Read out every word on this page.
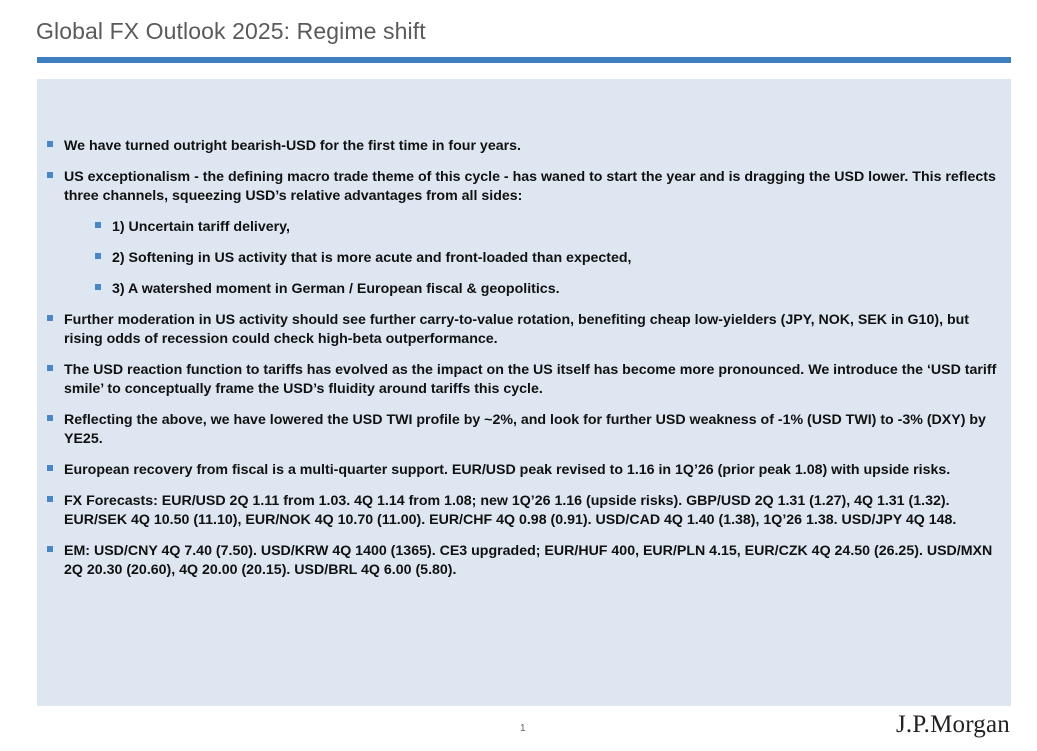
Global FX Outlook 2025: Regime shift
We have turned outright bearish-USD for the first time in four years.
US exceptionalism - the defining macro trade theme of this cycle - has waned to start the year and is dragging the USD lower. This reflects three channels, squeezing USD’s relative advantages from all sides:
1) Uncertain tariff delivery,
2) Softening in US activity that is more acute and front-loaded than expected,
3) A watershed moment in German / European fiscal & geopolitics.
Further moderation in US activity should see further carry-to-value rotation, benefiting cheap low-yielders (JPY, NOK, SEK in G10), but rising odds of recession could check high-beta outperformance.
The USD reaction function to tariffs has evolved as the impact on the US itself has become more pronounced. We introduce the ‘USD tariff smile’ to conceptually frame the USD’s fluidity around tariffs this cycle.
Reflecting the above, we have lowered the USD TWI profile by ~2%, and look for further USD weakness of -1% (USD TWI) to -3% (DXY) by YE25.
European recovery from fiscal is a multi-quarter support. EUR/USD peak revised to 1.16 in 1Q’26 (prior peak 1.08) with upside risks.
FX Forecasts: EUR/USD 2Q 1.11 from 1.03. 4Q 1.14 from 1.08; new 1Q’26 1.16 (upside risks). GBP/USD 2Q 1.31 (1.27), 4Q 1.31 (1.32). EUR/SEK 4Q 10.50 (11.10), EUR/NOK 4Q 10.70 (11.00). EUR/CHF 4Q 0.98 (0.91). USD/CAD 4Q 1.40 (1.38), 1Q’26 1.38. USD/JPY 4Q 148.
EM: USD/CNY 4Q 7.40 (7.50). USD/KRW 4Q 1400 (1365). CE3 upgraded; EUR/HUF 400, EUR/PLN 4.15, EUR/CZK 4Q 24.50 (26.25). USD/MXN 2Q 20.30 (20.60), 4Q 20.00 (20.15). USD/BRL 4Q 6.00 (5.80).
1	J.P.Morgan
